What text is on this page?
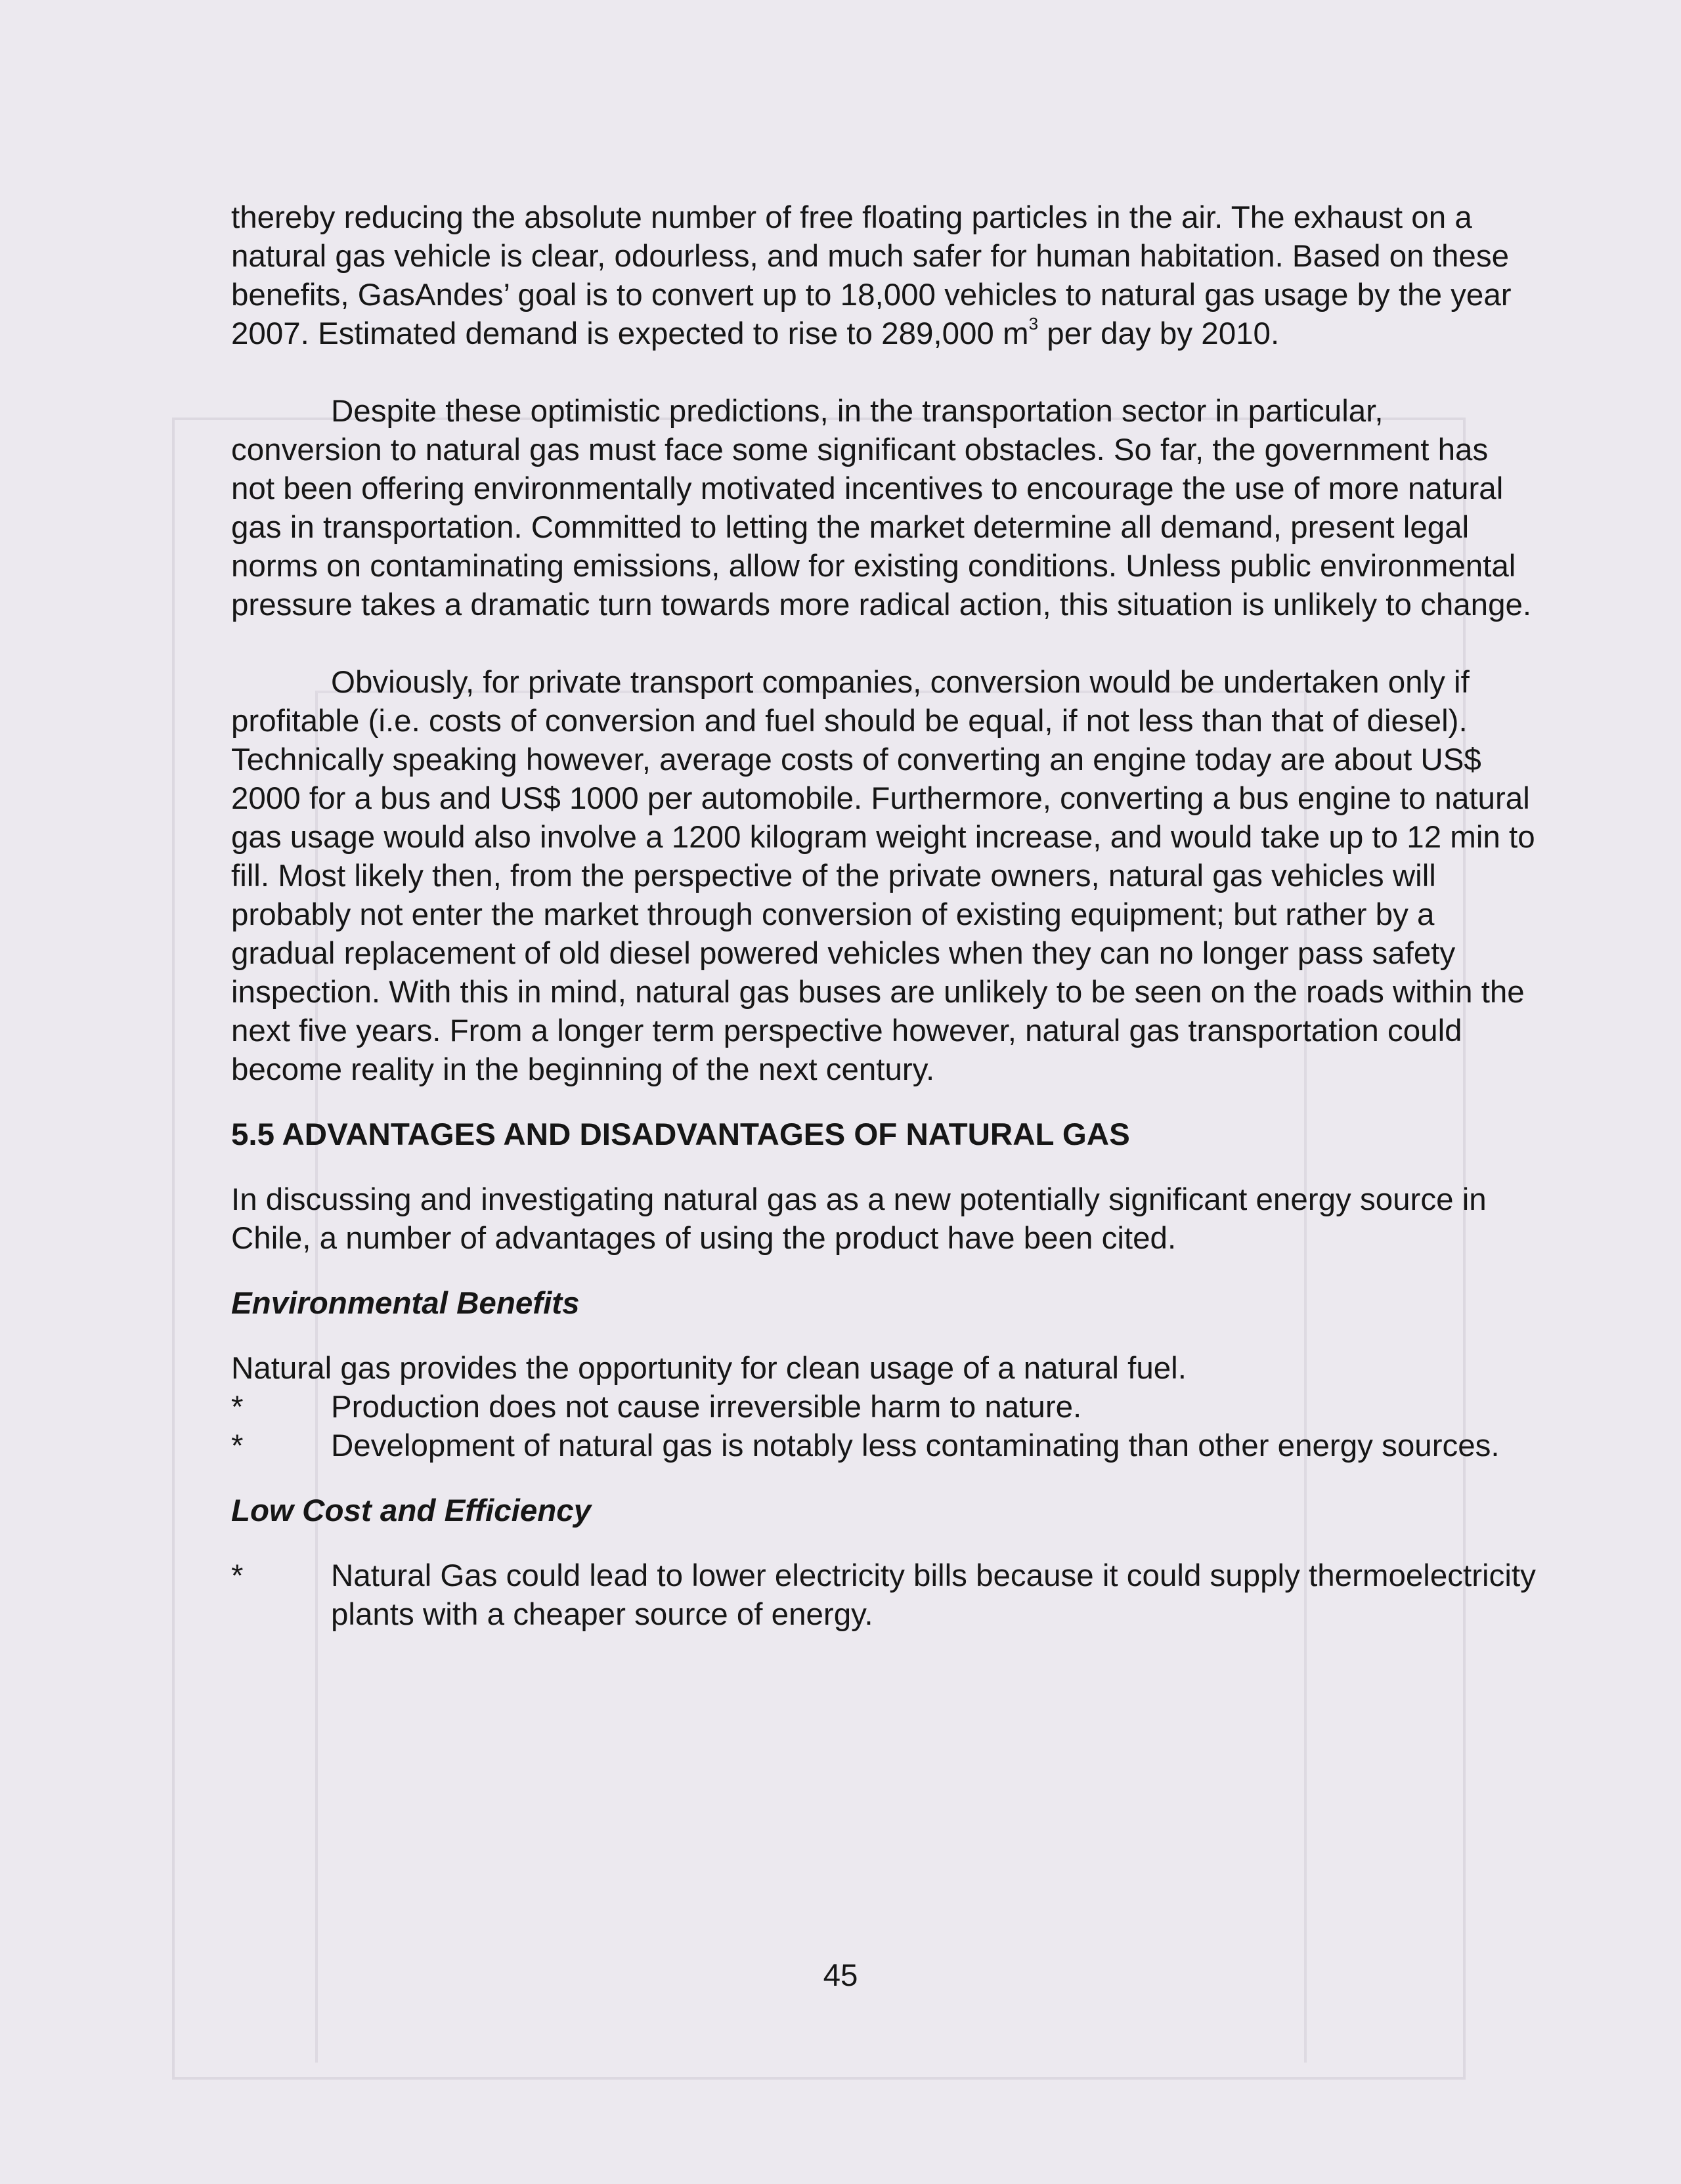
thereby reducing the absolute number of free floating particles in the air. The exhaust on a natural gas vehicle is clear, odourless, and much safer for human habitation. Based on these benefits, GasAndes’ goal is to convert up to 18,000 vehicles to natural gas usage by the year 2007. Estimated demand is expected to rise to 289,000 $m^3$ per day by 2010.

Despite these optimistic predictions, in the transportation sector in particular, conversion to natural gas must face some significant obstacles. So far, the government has not been offering environmentally motivated incentives to encourage the use of more natural gas in transportation. Committed to letting the market determine all demand, present legal norms on contaminating emissions, allow for existing conditions. Unless public environmental pressure takes a dramatic turn towards more radical action, this situation is unlikely to change.

Obviously, for private transport companies, conversion would be undertaken only if profitable (i.e. costs of conversion and fuel should be equal, if not less than that of diesel). Technically speaking however, average costs of converting an engine today are about US$ 2000 for a bus and US$ 1000 per automobile. Furthermore, converting a bus engine to natural gas usage would also involve a 1200 kilogram weight increase, and would take up to 12 min to fill. Most likely then, from the perspective of the private owners, natural gas vehicles will probably not enter the market through conversion of existing equipment; but rather by a gradual replacement of old diesel powered vehicles when they can no longer pass safety inspection. With this in mind, natural gas buses are unlikely to be seen on the roads within the next five years. From a longer term perspective however, natural gas transportation could become reality in the beginning of the next century.

5.5 ADVANTAGES AND DISADVANTAGES OF NATURAL GAS

In discussing and investigating natural gas as a new potentially significant energy source in Chile, a number of advantages of using the product have been cited.

Environmental Benefits

Natural gas provides the opportunity for clean usage of a natural fuel.

*	Production does not cause irreversible harm to nature.

*	Development of natural gas is notably less contaminating than other energy sources.

Low Cost and Efficiency

*	Natural Gas could lead to lower electricity bills because it could supply thermoelectricity plants with a cheaper source of energy.

45
